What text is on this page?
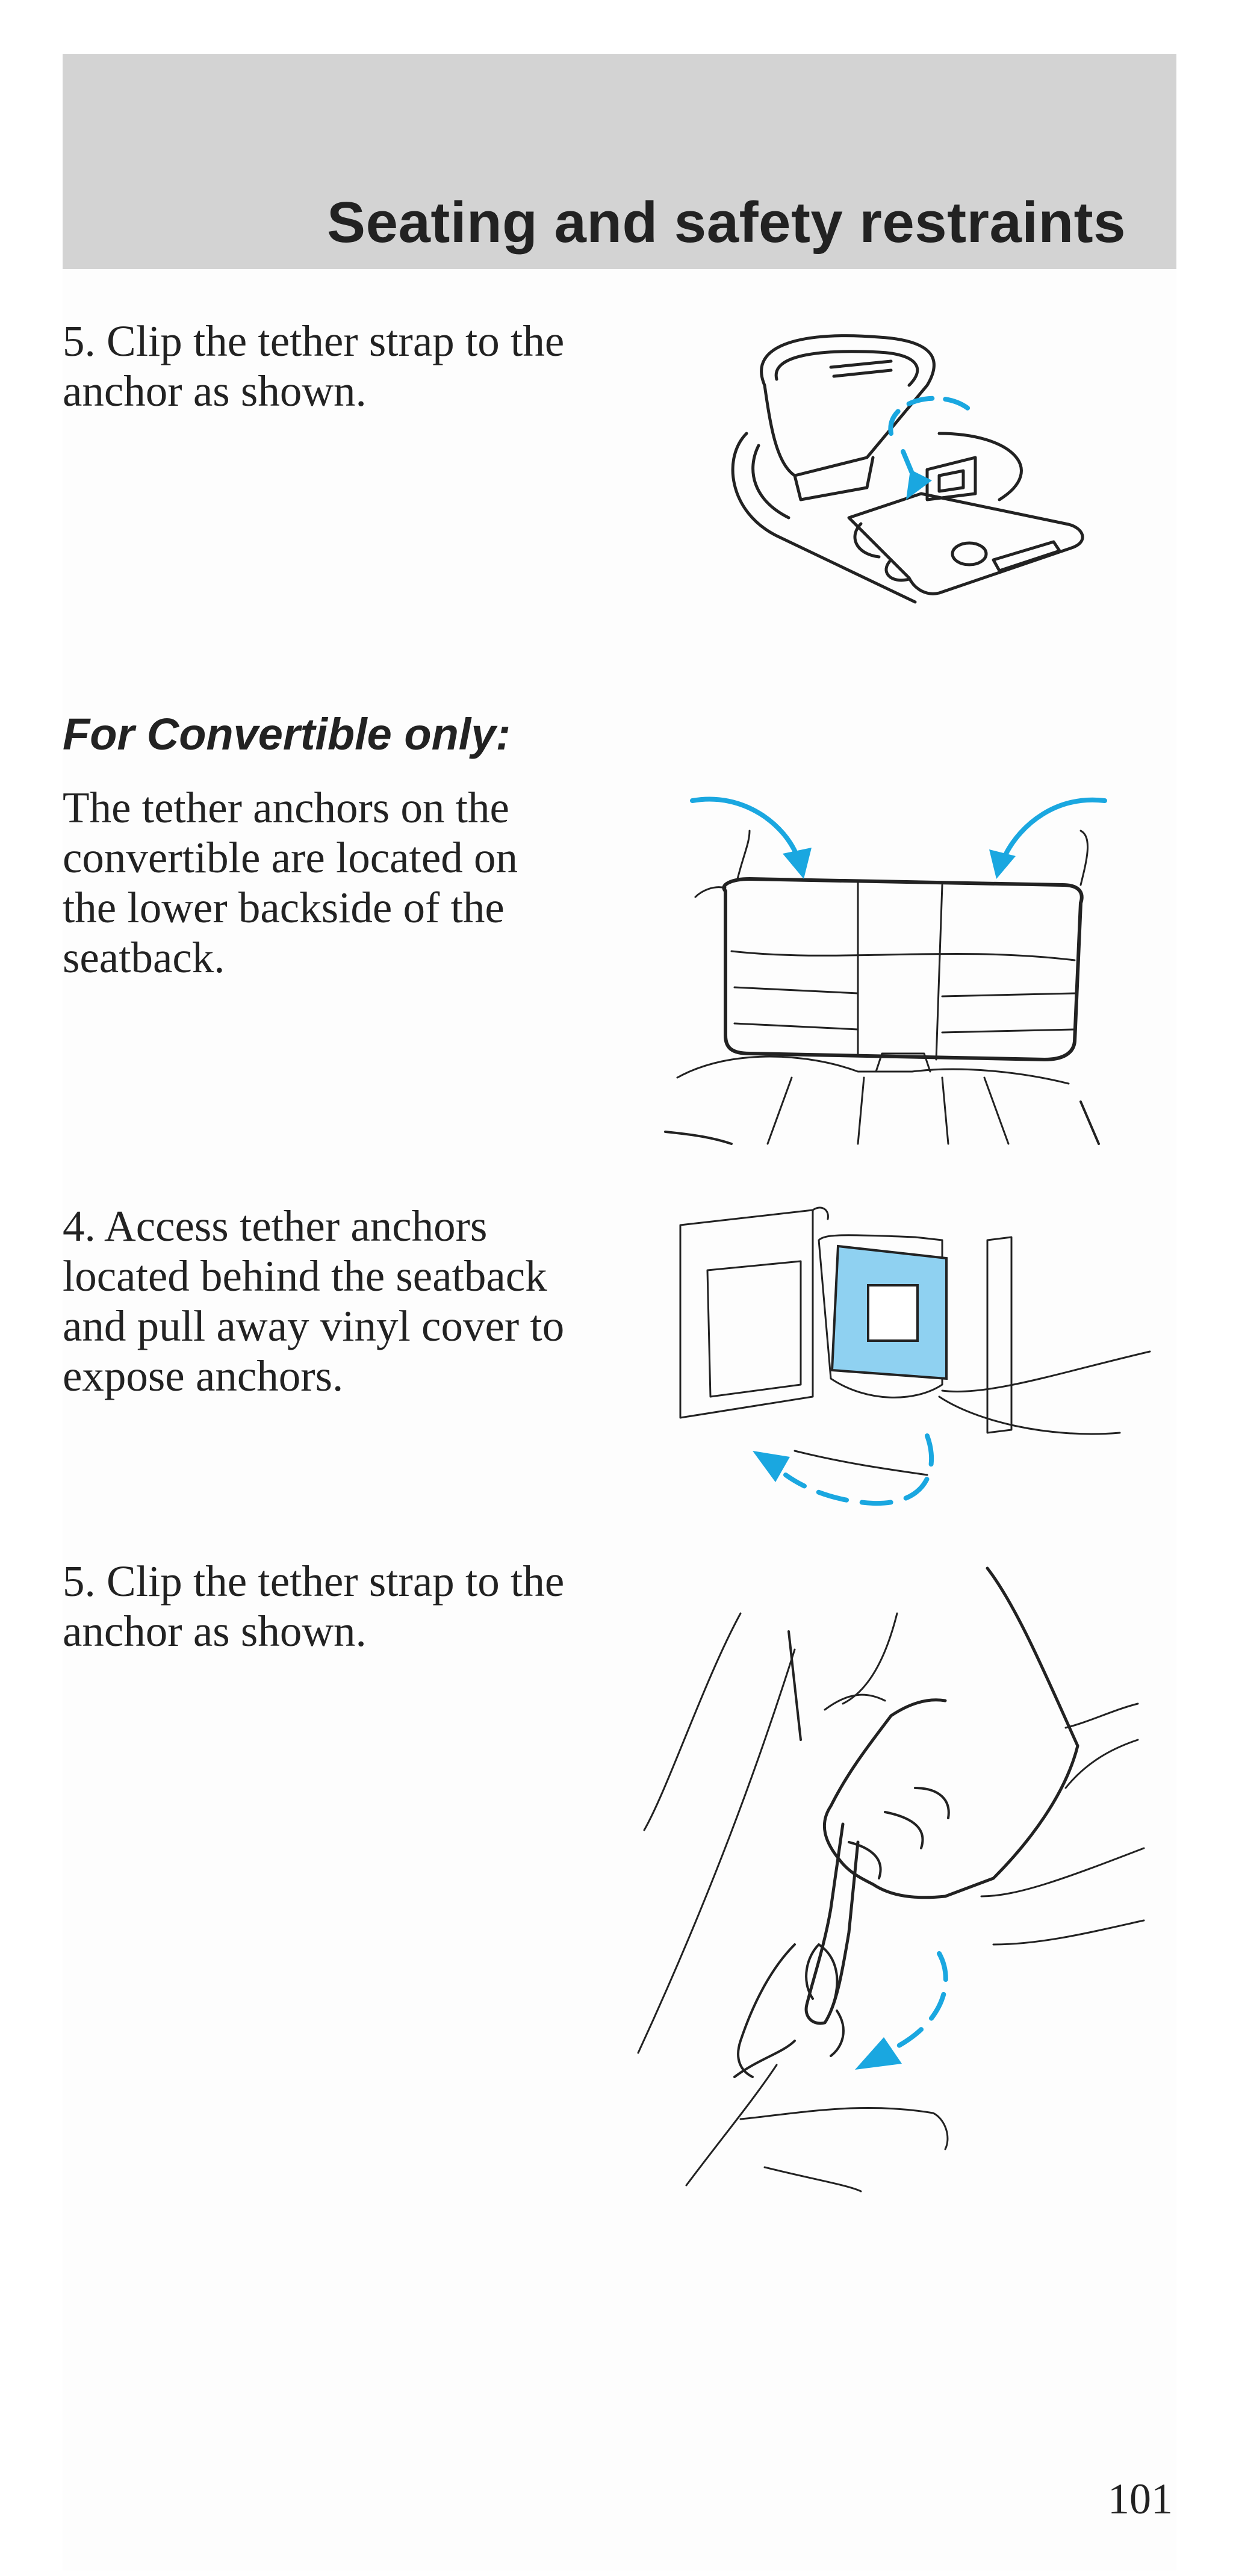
Seating and safety restraints

5. Clip the tether strap to the anchor as shown.

For Convertible only:

The tether anchors on the convertible are located on the lower backside of the seatback.

4. Access tether anchors located behind the seatback and pull away vinyl cover to expose anchors.

5. Clip the tether strap to the anchor as shown.

101
